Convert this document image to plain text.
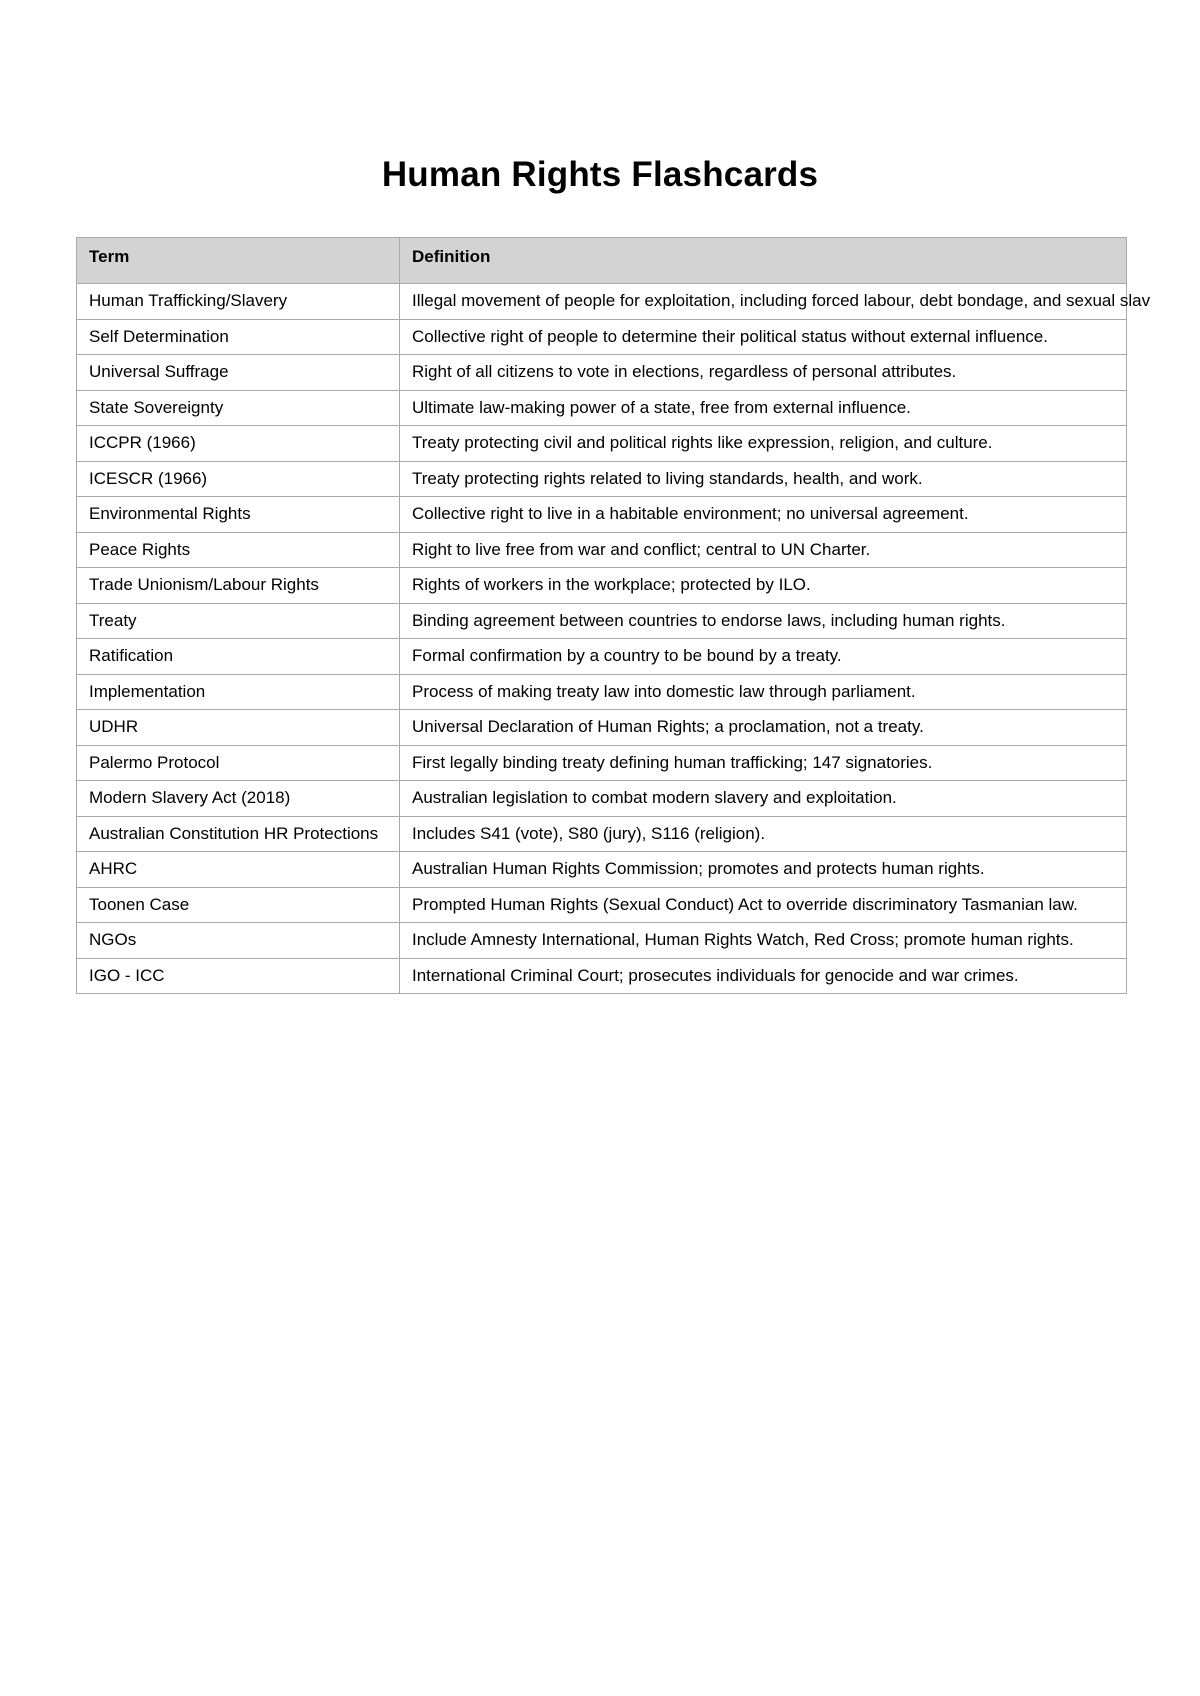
Human Rights Flashcards
Term	Definition
Human Trafficking/Slavery	Illegal movement of people for exploitation, including forced labour, debt bondage, and sexual slav
Self Determination	Collective right of people to determine their political status without external influence.
Universal Suffrage	Right of all citizens to vote in elections, regardless of personal attributes.
State Sovereignty	Ultimate law-making power of a state, free from external influence.
ICCPR (1966)	Treaty protecting civil and political rights like expression, religion, and culture.
ICESCR (1966)	Treaty protecting rights related to living standards, health, and work.
Environmental Rights	Collective right to live in a habitable environment; no universal agreement.
Peace Rights	Right to live free from war and conflict; central to UN Charter.
Trade Unionism/Labour Rights	Rights of workers in the workplace; protected by ILO.
Treaty	Binding agreement between countries to endorse laws, including human rights.
Ratification	Formal confirmation by a country to be bound by a treaty.
Implementation	Process of making treaty law into domestic law through parliament.
UDHR	Universal Declaration of Human Rights; a proclamation, not a treaty.
Palermo Protocol	First legally binding treaty defining human trafficking; 147 signatories.
Modern Slavery Act (2018)	Australian legislation to combat modern slavery and exploitation.
Australian Constitution HR Protections	Includes S41 (vote), S80 (jury), S116 (religion).
AHRC	Australian Human Rights Commission; promotes and protects human rights.
Toonen Case	Prompted Human Rights (Sexual Conduct) Act to override discriminatory Tasmanian law.
NGOs	Include Amnesty International, Human Rights Watch, Red Cross; promote human rights.
IGO - ICC	International Criminal Court; prosecutes individuals for genocide and war crimes.
